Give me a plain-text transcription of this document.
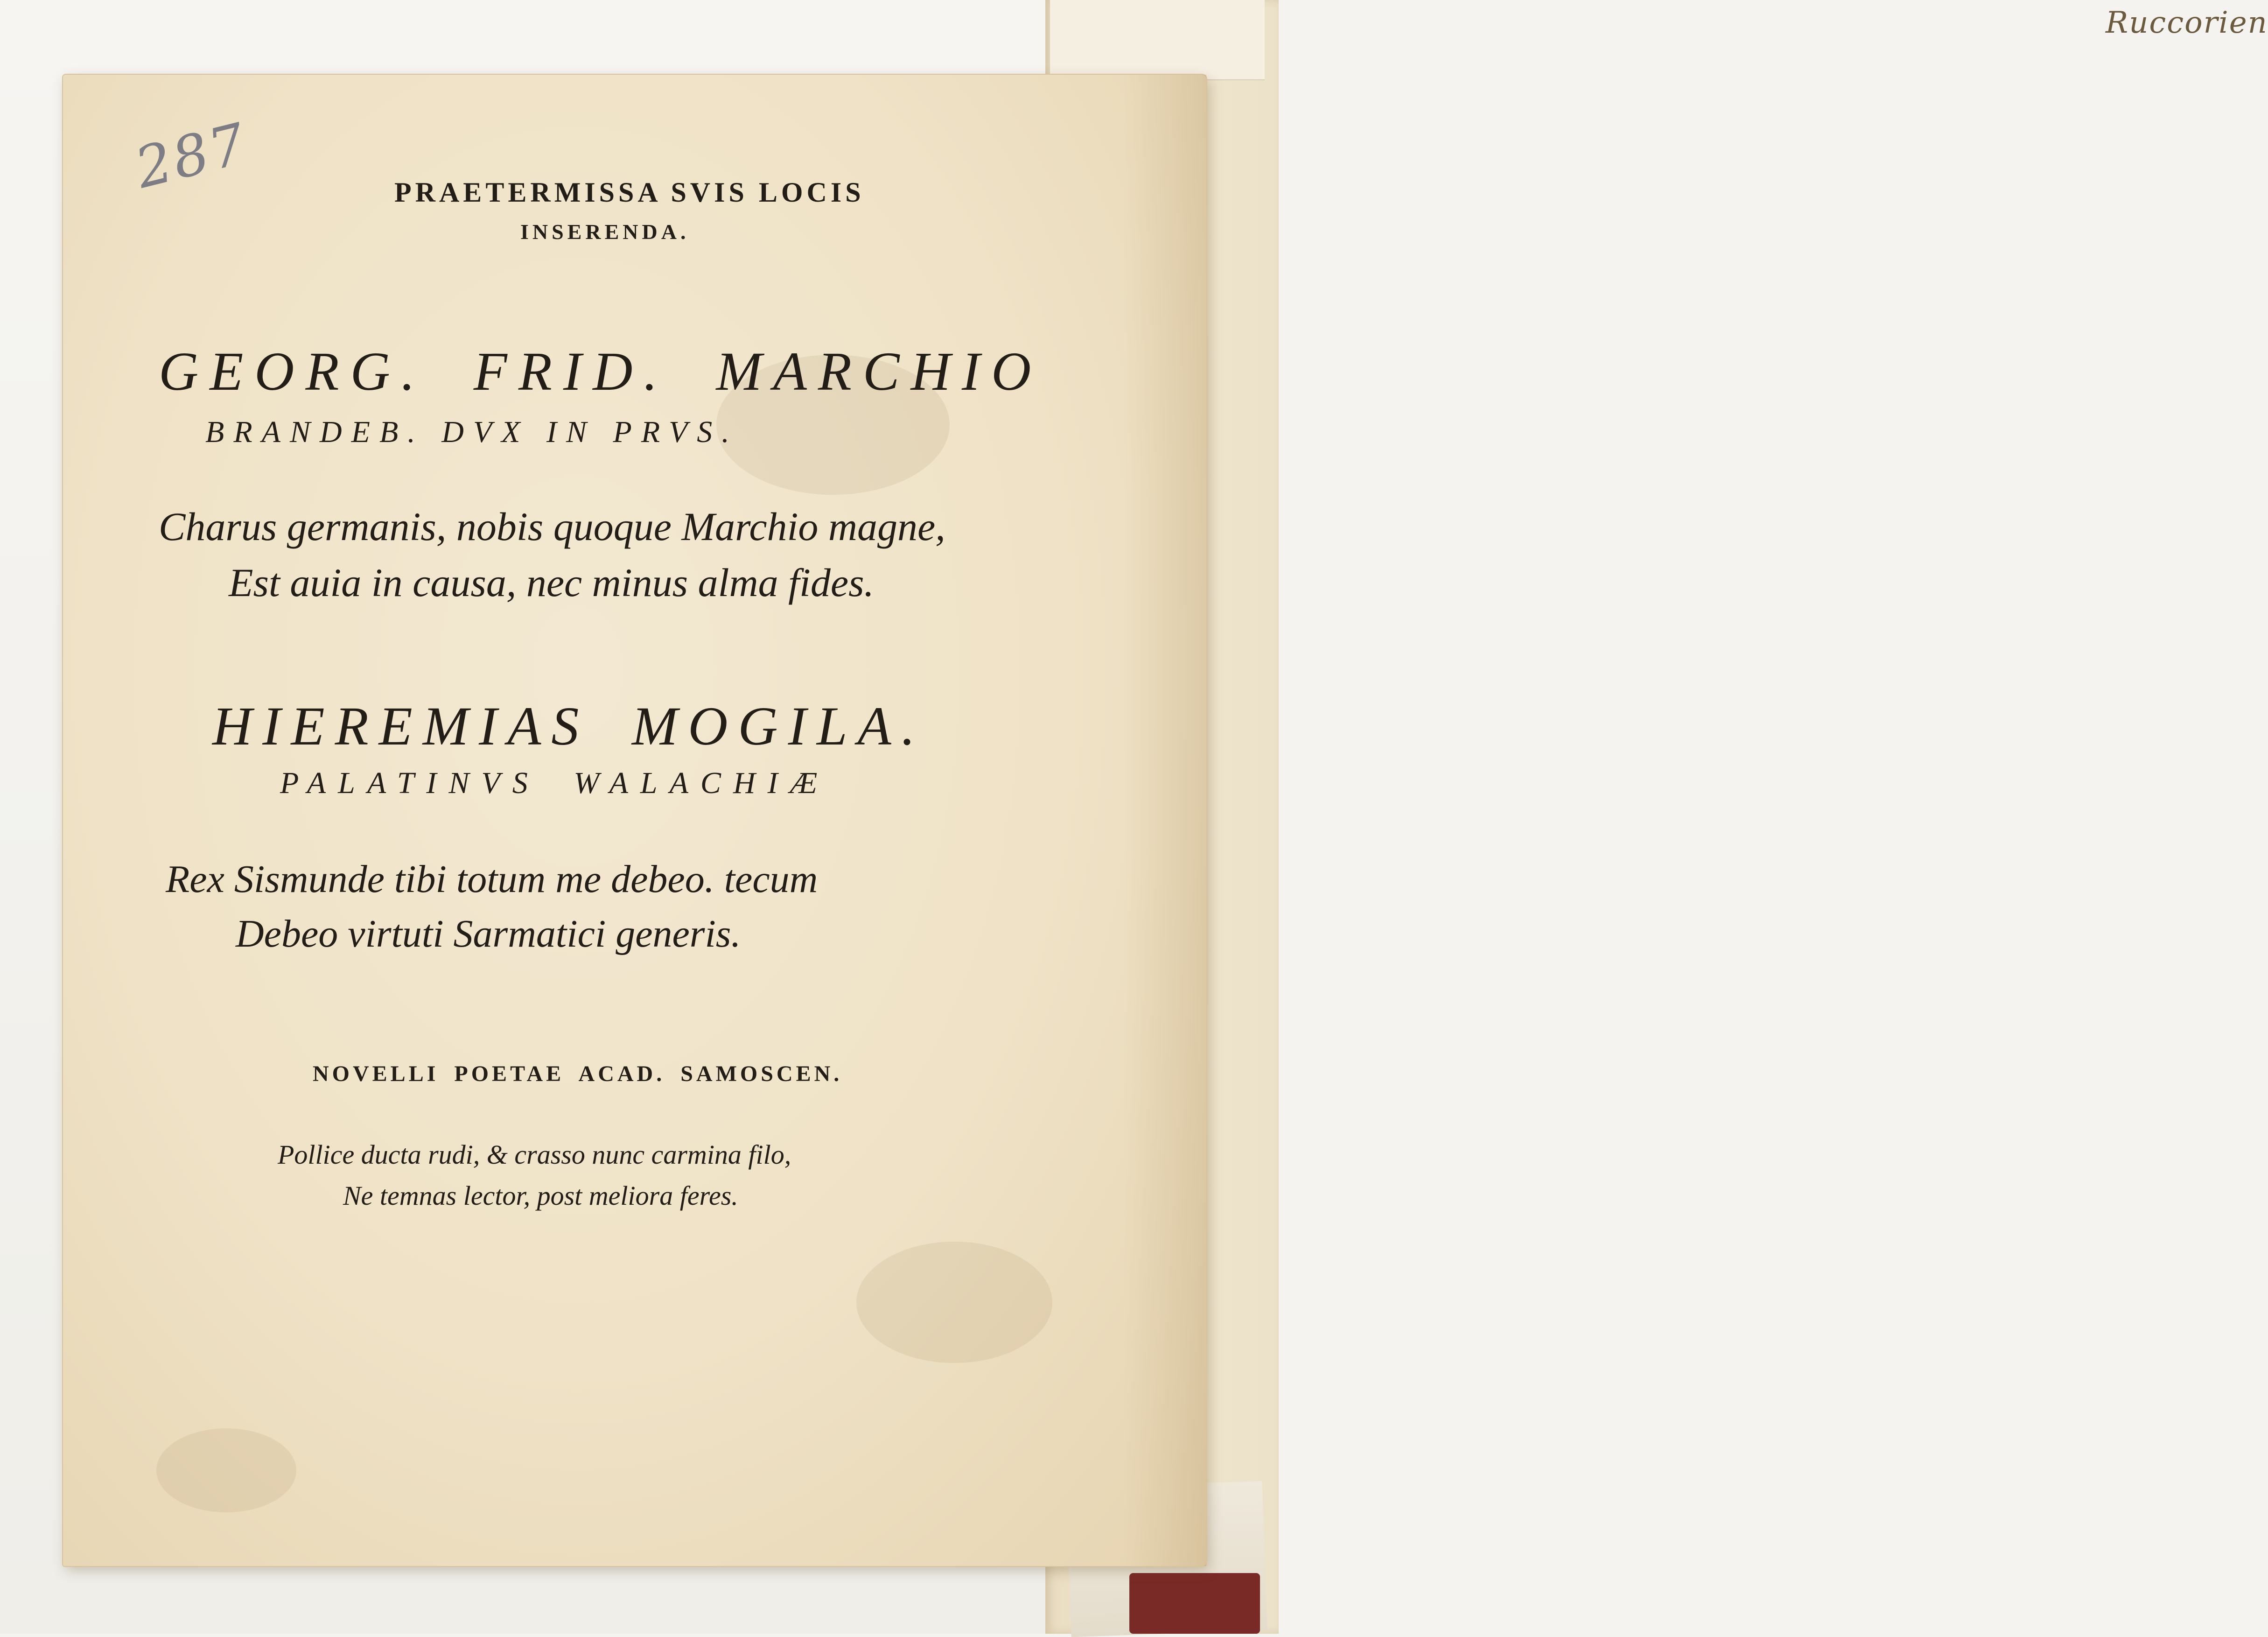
Ruccorien
287	PRAETERMISSA SVIS LOCIS
INSERENDA.
GEORG. FRID. MARCHIO
BRANDEB. DVX IN PRVS.
Charus germanis, nobis quoque Marchio magne,
Est auia in causa, nec minus alma fides.
HIEREMIAS MOGILA.
PALATINVS WALACHIÆ
Rex Sismunde tibi totum me debeo. tecum
Debeo virtuti Sarmatici generis.
NOVELLI POETAE ACAD. SAMOSCEN.
Pollice ducta rudi, & crasso nunc carmina filo,
Ne temnas lector, post meliora feres.
